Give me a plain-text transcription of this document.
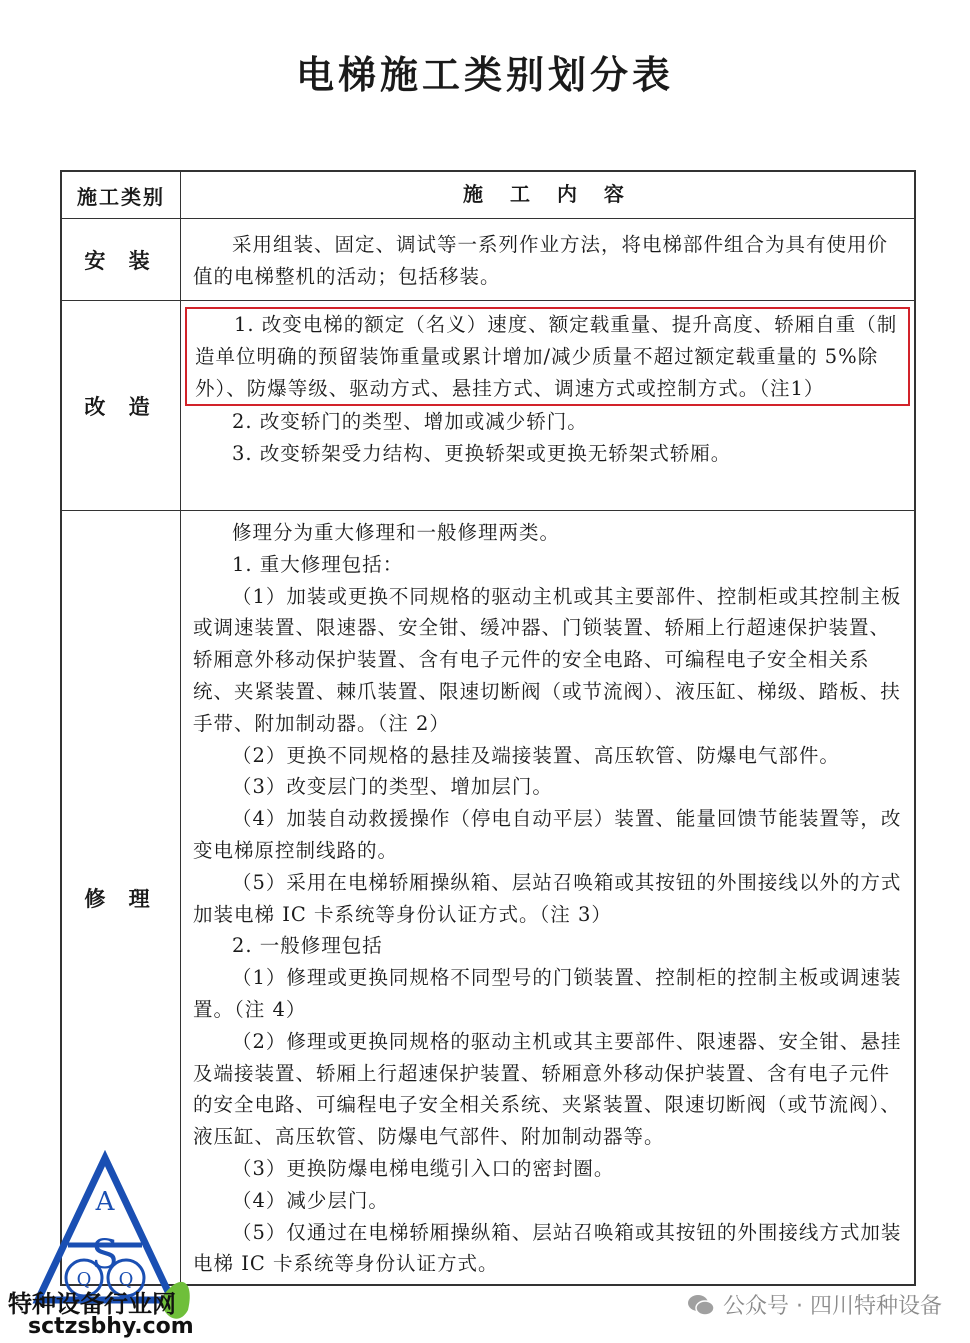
电梯施工类别划分表
施工类别	施 工 内 容
安 装

采用组装、固定、调试等一系列作业方法，将电梯部件组合为具有使用价值的电梯整机的活动；包括移装。

改 造

1. 改变电梯的额定（名义）速度、额定载重量、提升高度、轿厢自重（制造单位明确的预留装饰重量或累计增加/减少质量不超过额定载重量的 5%除外）、防爆等级、驱动方式、悬挂方式、调速方式或控制方式。（注1）

2. 改变轿门的类型、增加或减少轿门。

3. 改变轿架受力结构、更换轿架或更换无轿架式轿厢。

修 理

修理分为重大修理和一般修理两类。

1. 重大修理包括：

（1）加装或更换不同规格的驱动主机或其主要部件、控制柜或其控制主板或调速装置、限速器、安全钳、缓冲器、门锁装置、轿厢上行超速保护装置、轿厢意外移动保护装置、含有电子元件的安全电路、可编程电子安全相关系统、夹紧装置、棘爪装置、限速切断阀（或节流阀）、液压缸、梯级、踏板、扶手带、附加制动器。（注 2）

（2）更换不同规格的悬挂及端接装置、高压软管、防爆电气部件。

（3）改变层门的类型、增加层门。

（4）加装自动救援操作（停电自动平层）装置、能量回馈节能装置等，改变电梯原控制线路的。

（5）采用在电梯轿厢操纵箱、层站召唤箱或其按钮的外围接线以外的方式加装电梯 IC 卡系统等身份认证方式。（注 3）

2. 一般修理包括

（1）修理或更换同规格不同型号的门锁装置、控制柜的控制主板或调速装置。（注 4）

（2）修理或更换同规格的驱动主机或其主要部件、限速器、安全钳、悬挂及端接装置、轿厢上行超速保护装置、轿厢意外移动保护装置、含有电子元件的安全电路、可编程电子安全相关系统、夹紧装置、限速切断阀（或节流阀）、液压缸、高压软管、防爆电气部件、附加制动器等。

（3）更换防爆电梯电缆引入口的密封圈。

（4）减少层门。

（5）仅通过在电梯轿厢操纵箱、层站召唤箱或其按钮的外围接线方式加装电梯 IC 卡系统等身份认证方式。

S
Q Q
A
特种设备行业网
sctzsbhy.com
公众号 · 四川特种设备
